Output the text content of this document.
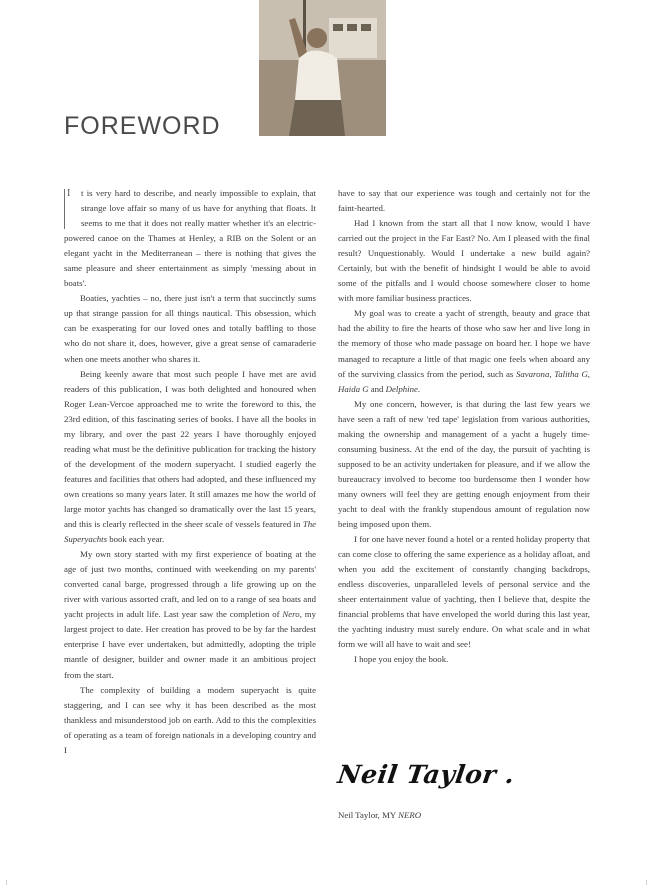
FOREWORD

I	t is very hard to describe, and nearly impossible to explain, that strange love affair so many of us have for anything that floats. It seems to me that it does not really matter whether it's an electric-powered canoe on the Thames at Henley, a RIB on the Solent or an elegant yacht in the Mediterranean – there is nothing that gives the same pleasure and sheer entertainment as simply 'messing about in boats'.

Boaties, yachties – no, there just isn't a term that succinctly sums up that strange passion for all things nautical. This obsession, which can be exasperating for our loved ones and totally baffling to those who do not share it, does, however, give a great sense of camaraderie when one meets another who shares it.

Being keenly aware that most such people I have met are avid readers of this publication, I was both delighted and honoured when Roger Lean-Vercoe approached me to write the foreword to this, the 23rd edition, of this fascinating series of books. I have all the books in my library, and over the past 22 years I have thoroughly enjoyed reading what must be the definitive publication for tracking the history of the development of the modern superyacht. I studied eagerly the features and facilities that others had adopted, and these influenced my own creations so many years later. It still amazes me how the world of large motor yachts has changed so dramatically over the last 15 years, and this is clearly reflected in the sheer scale of vessels featured in The Superyachts book each year.

My own story started with my first experience of boating at the age of just two months, continued with weekending on my parents' converted canal barge, progressed through a life growing up on the river with various assorted craft, and led on to a range of sea boats and yacht projects in adult life. Last year saw the completion of Nero, my largest project to date. Her creation has proved to be by far the hardest enterprise I have ever undertaken, but admittedly, adopting the triple mantle of designer, builder and owner made it an ambitious project from the start.

The complexity of building a modern superyacht is quite staggering, and I can see why it has been described as the most thankless and misunderstood job on earth. Add to this the complexities of operating as a team of foreign nationals in a developing country and I

have to say that our experience was tough and certainly not for the faint-hearted.

Had I known from the start all that I now know, would I have carried out the project in the Far East? No. Am I pleased with the final result? Unquestionably. Would I undertake a new build again? Certainly, but with the benefit of hindsight I would be able to avoid some of the pitfalls and I would choose somewhere closer to home with more familiar business practices.

My goal was to create a yacht of strength, beauty and grace that had the ability to fire the hearts of those who saw her and live long in the memory of those who made passage on board her. I hope we have managed to recapture a little of that magic one feels when aboard any of the surviving classics from the period, such as Savarona, Talitha G, Haida G and Delphine.

My one concern, however, is that during the last few years we have seen a raft of new 'red tape' legislation from various authorities, making the ownership and management of a yacht a hugely time-consuming business. At the end of the day, the pursuit of yachting is supposed to be an activity undertaken for pleasure, and if we allow the bureaucracy involved to become too burdensome then I wonder how many owners will feel they are getting enough enjoyment from their yacht to deal with the frankly stupendous amount of regulation now being imposed upon them.

I for one have never found a hotel or a rented holiday property that can come close to offering the same experience as a holiday afloat, and when you add the excitement of constantly changing backdrops, endless discoveries, unparalleled levels of personal service and the sheer entertainment value of yachting, then I believe that, despite the financial problems that have enveloped the world during this last year, the yachting industry must surely endure. On what scale and in what form we will all have to wait and see!

I hope you enjoy the book.

Neil Taylor .
Neil Taylor, MY NERO
